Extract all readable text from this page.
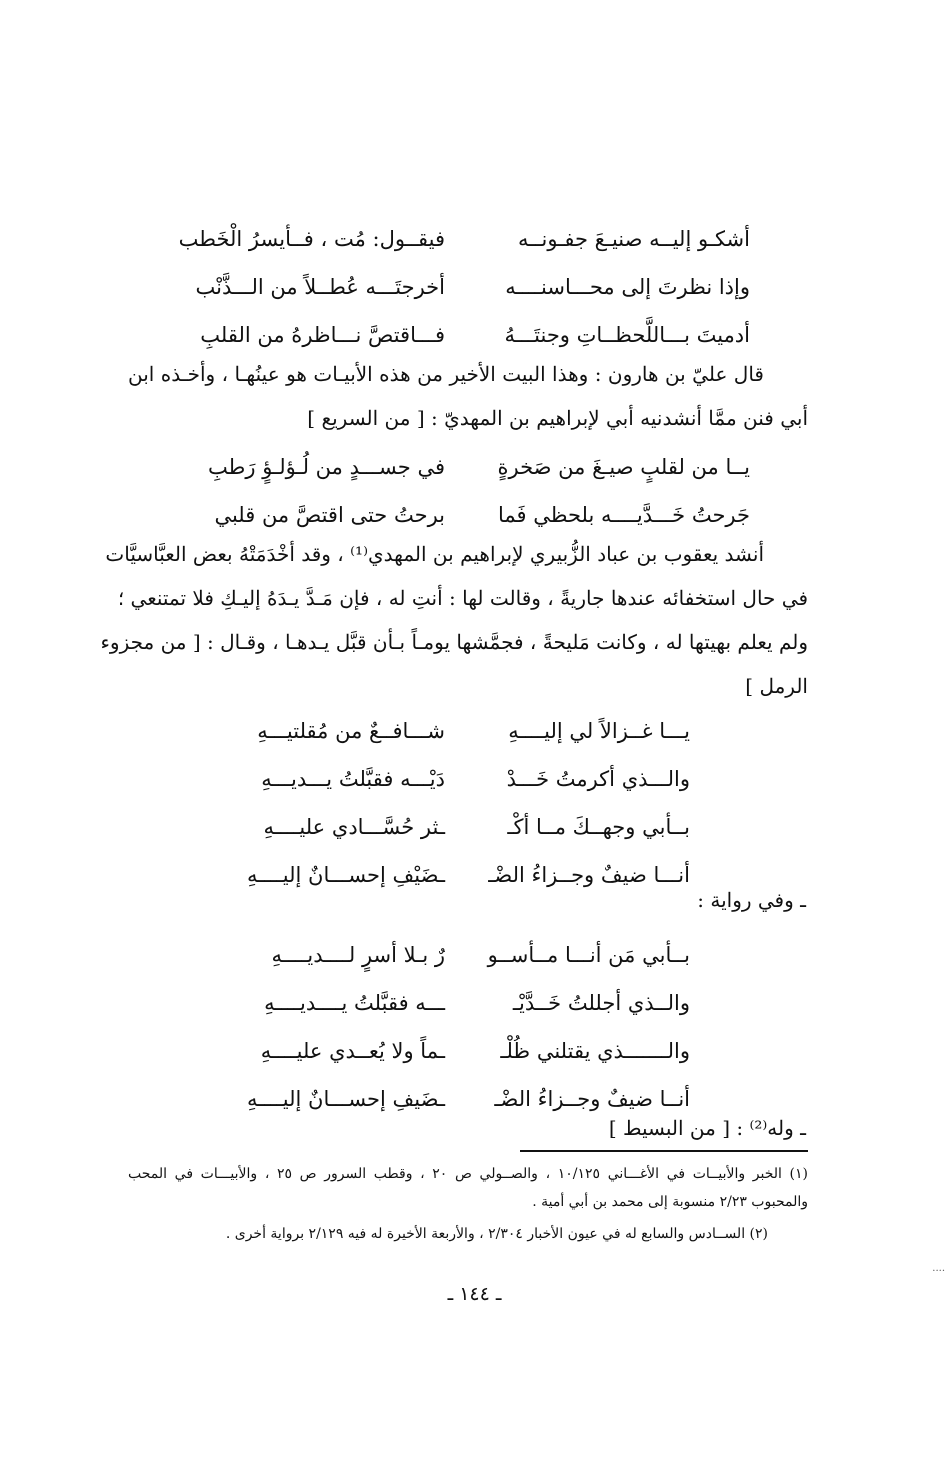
أشكـو إليــه صنيـعَ جفـونــه
فيقــول: مُت ، فــأيسرُ الْخَطب
وإذا نظرتَ إلى محـــاسنــــه
أخرجتَـــه عُطــلاً من الـــذَّنْب
أدميتَ بـــاللَّحظــاتِ وجنتَـــهُ
فـــاقتصَّ نـــاظرهُ من القلبِ
قال عليّ بن هارون : وهذا البيت الأخير من هذه الأبيـات هو عينُهـا ، وأخـذه ابن
أبي فنن ممَّا أنشدنيه أبي لإبراهيم بن المهديّ : [ من السريع ]
يــا من لقلبٍ صيـغَ من صَخرةٍ
في جســـدٍ من لُـؤلـؤٍ رَطبِ
جَرحتُ خَـــدَّيــــه بلحظي فَما
برحتُ حتى اقتصَّ من قلبي
أنشد يعقوب بن عباد الزُّبيري لإبراهيم بن المهدي⁽¹⁾ ، وقد أخْدَمَتْهُ بعض العبَّاسيَّات
في حال استخفائه عندها جاريةً ، وقالت لها : أنتِ له ، فإن مَـدَّ يـدَهُ إليـكِ فلا تمتنعي ؛
ولم يعلم بهيتها له ، وكانت مَليحةً ، فجمَّشها يومـاً بـأن قبَّل يـدهـا ، وقـال : [ من مجزوء
الرمل ]
يـــا غــزالاً لي إليــــهِ
شـــافــعٌ من مُقلتيـــهِ
والـــذي أكرمتُ خَـــدْ
دَيْـــه فقبَّلتُ يـــديـــهِ
بــأبي وجهــكَ مــا أكْـ
ـثر حُسَّـــادي عليــــهِ
أنـــا ضيفٌ وجــزاءُ الضْـ
ـضَيْفِ إحســـانٌ إليــــهِ
ـ وفي رواية :
بــأبي مَن أنـــا مــأســو
رٌ بـلا أسرٍ لــــديــــهِ
والــذي أجللتُ خَــدَّيْـ
ـــه فقبَّلتُ يــــديــــهِ
والـــــــذي يقتلني ظُلْـ
ـماً ولا يُعــدي عليــــهِ
أنــا ضيفٌ وجــزاءُ الضْـ
ـضَيفِ إحســـانٌ إليــــهِ
ـ وله⁽²⁾ : [ من البسيط ]
(١) الخبر والأبيــات في الأغـــاني ١٠/١٢٥ ، والصــولي ص ٢٠ ، وقطب السرور ص ٢٥ ، والأبيـــات في المحب
والمحبوب ٢/٢٣ منسوبة إلى محمد بن أبي أمية .
(٢) الســادس والسابع له في عيون الأخبار ٢/٣٠٤ ، والأربعة الأخيرة له فيه ٢/١٢٩ برواية أخرى .
ـ ١٤٤ ـ
....
